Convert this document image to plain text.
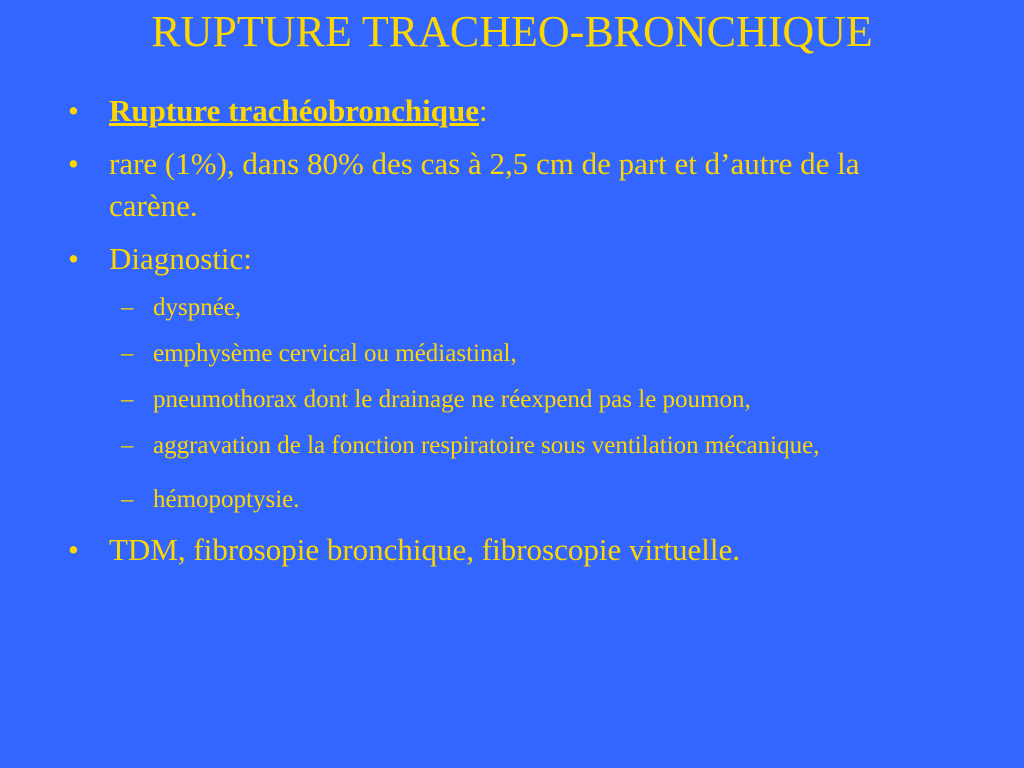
RUPTURE TRACHEO-BRONCHIQUE
• Rupture trachéobronchique:
• rare (1%), dans 80% des cas à 2,5 cm de part et d’autre de la carène.
• Diagnostic:
– dyspnée,
– emphysème cervical ou médiastinal,
– pneumothorax dont le drainage ne réexpend pas le poumon,
– aggravation de la fonction respiratoire sous ventilation mécanique,
– hémopoptysie.
• TDM, fibrosopie bronchique, fibroscopie virtuelle.
